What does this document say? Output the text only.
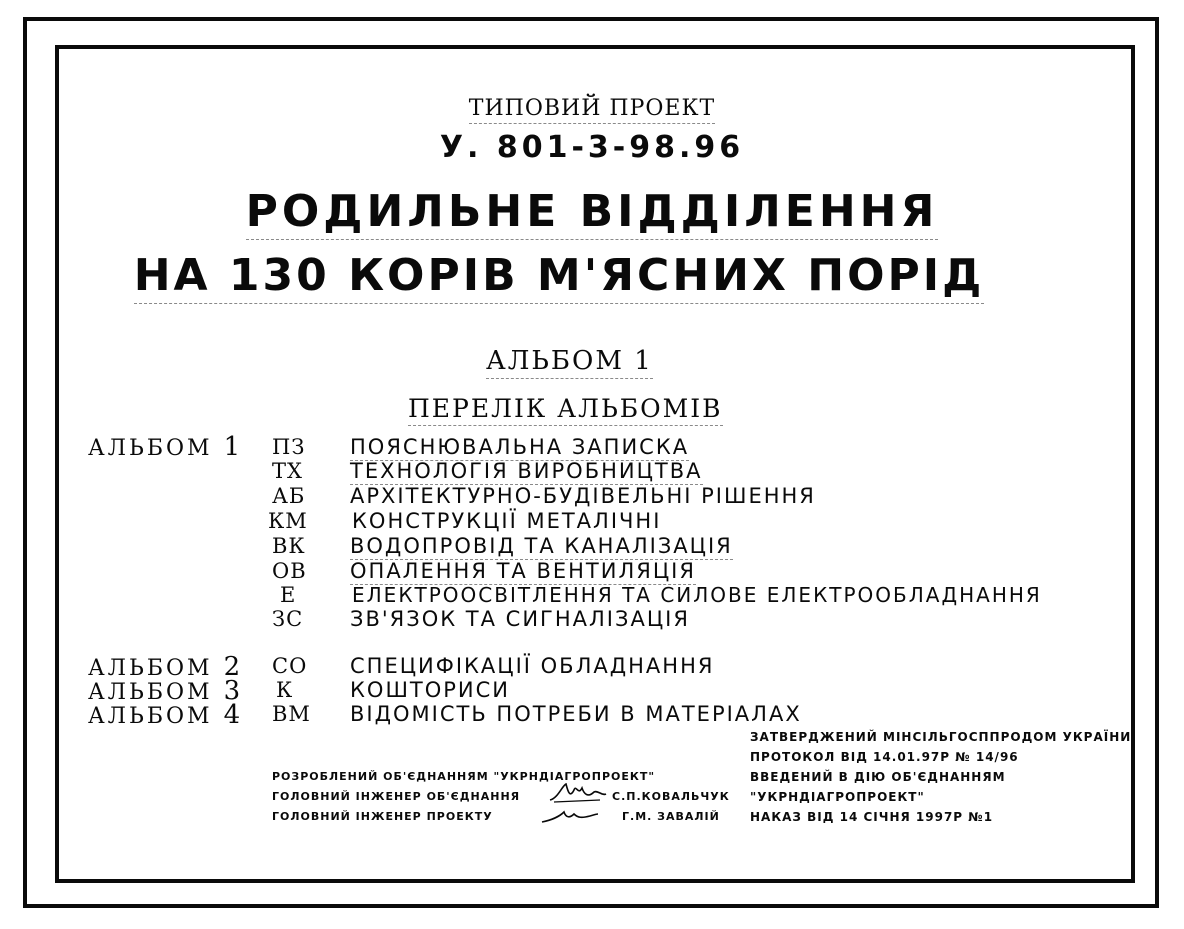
ТИПОВИЙ ПРОЕКТ
У. 801-3-98.96
РОДИЛЬНЕ ВІДДІЛЕННЯ
НА 130 КОРІВ М'ЯСНИХ ПОРІД
АЛЬБОМ 1
ПЕРЕЛІК АЛЬБОМІВ
АЛЬБОМ 1 ПЗ ПОЯСНЮВАЛЬНА ЗАПИСКА
ТХ ТЕХНОЛОГІЯ ВИРОБНИЦТВА
АБ АРХІТЕКТУРНО-БУДІВЕЛЬНІ РІШЕННЯ
КМ КОНСТРУКЦІЇ МЕТАЛІЧНІ
ВК ВОДОПРОВІД ТА КАНАЛІЗАЦІЯ
ОВ ОПАЛЕННЯ ТА ВЕНТИЛЯЦІЯ
Е	ЕЛЕКТРООСВІТЛЕННЯ ТА СИЛОВЕ ЕЛЕКТРООБЛАДНАННЯ
ЗС ЗВ'ЯЗОК ТА СИГНАЛІЗАЦІЯ
АЛЬБОМ 2 СО СПЕЦИФІКАЦІЇ ОБЛАДНАННЯ
АЛЬБОМ 3 К	КОШТОРИСИ
АЛЬБОМ 4 ВМ ВІДОМІСТЬ ПОТРЕБИ В МАТЕРІАЛАХ
ЗАТВЕРДЖЕНИЙ МІНСІЛЬГОСППРОДОМ УКРАЇНИ
ПРОТОКОЛ ВІД 14.01.97Р № 14/96
ВВЕДЕНИЙ В ДІЮ ОБ'ЄДНАННЯМ
"УКРНДІАГРОПРОЕКТ"
НАКАЗ ВІД 14 СІЧНЯ 1997Р №1
РОЗРОБЛЕНИЙ ОБ'ЄДНАННЯМ "УКРНДІАГРОПРОЕКТ"
ГОЛОВНИЙ ІНЖЕНЕР ОБ'ЄДНАННЯ	С.П.КОВАЛЬЧУК
ГОЛОВНИЙ ІНЖЕНЕР ПРОЕКТУ	Г.М. ЗАВАЛІЙ
